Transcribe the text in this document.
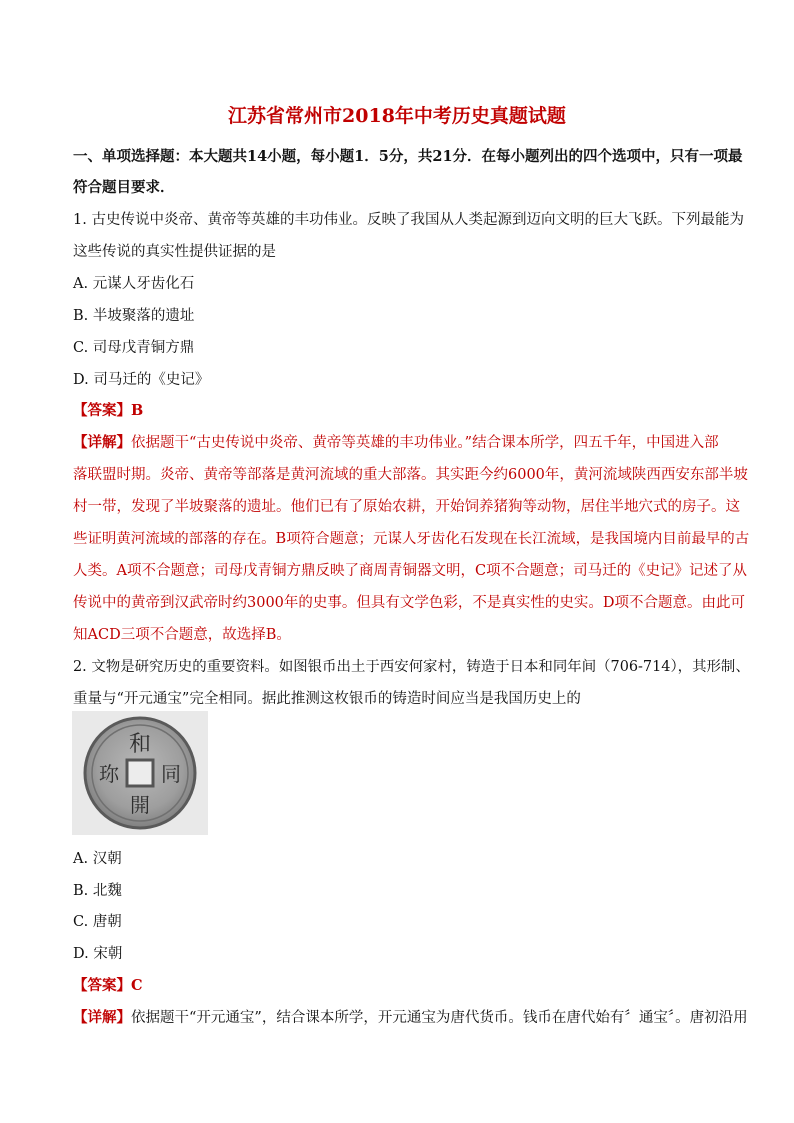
江苏省常州市2018年中考历史真题试题
一、单项选择题：本大题共14小题，每小题1．5分，共21分．在每小题列出的四个选项中，只有一项最
符合题目要求．
1. 古史传说中炎帝、黄帝等英雄的丰功伟业。反映了我国从人类起源到迈向文明的巨大飞跃。下列最能为
这些传说的真实性提供证据的是
A. 元谋人牙齿化石
B. 半坡聚落的遗址
C. 司母戊青铜方鼎
D. 司马迁的《史记》
【答案】B
【详解】依据题干“古史传说中炎帝、黄帝等英雄的丰功伟业。”结合课本所学，四五千年，中国进入部
落联盟时期。炎帝、黄帝等部落是黄河流域的重大部落。其实距今约6000年，黄河流域陕西西安东部半坡
村一带，发现了半坡聚落的遗址。他们已有了原始农耕，开始饲养猪狗等动物，居住半地穴式的房子。这
些证明黄河流域的部落的存在。B项符合题意；元谋人牙齿化石发现在长江流域，是我国境内目前最早的古
人类。A项不合题意；司母戊青铜方鼎反映了商周青铜器文明，C项不合题意；司马迁的《史记》记述了从
传说中的黄帝到汉武帝时约3000年的史事。但具有文学色彩，不是真实性的史实。D项不合题意。由此可
知ACD三项不合题意，故选择B。
2. 文物是研究历史的重要资料。如图银币出土于西安何家村，铸造于日本和同年间（706-714），其形制、
重量与“开元通宝”完全相同。据此推测这枚银币的铸造时间应当是我国历史上的
和
同
開
珎
A. 汉朝
B. 北魏
C. 唐朝
D. 宋朝
【答案】C
【详解】依据题干“开元通宝”，结合课本所学，开元通宝为唐代货币。钱币在唐代始有〞通宝〞。唐初沿用
